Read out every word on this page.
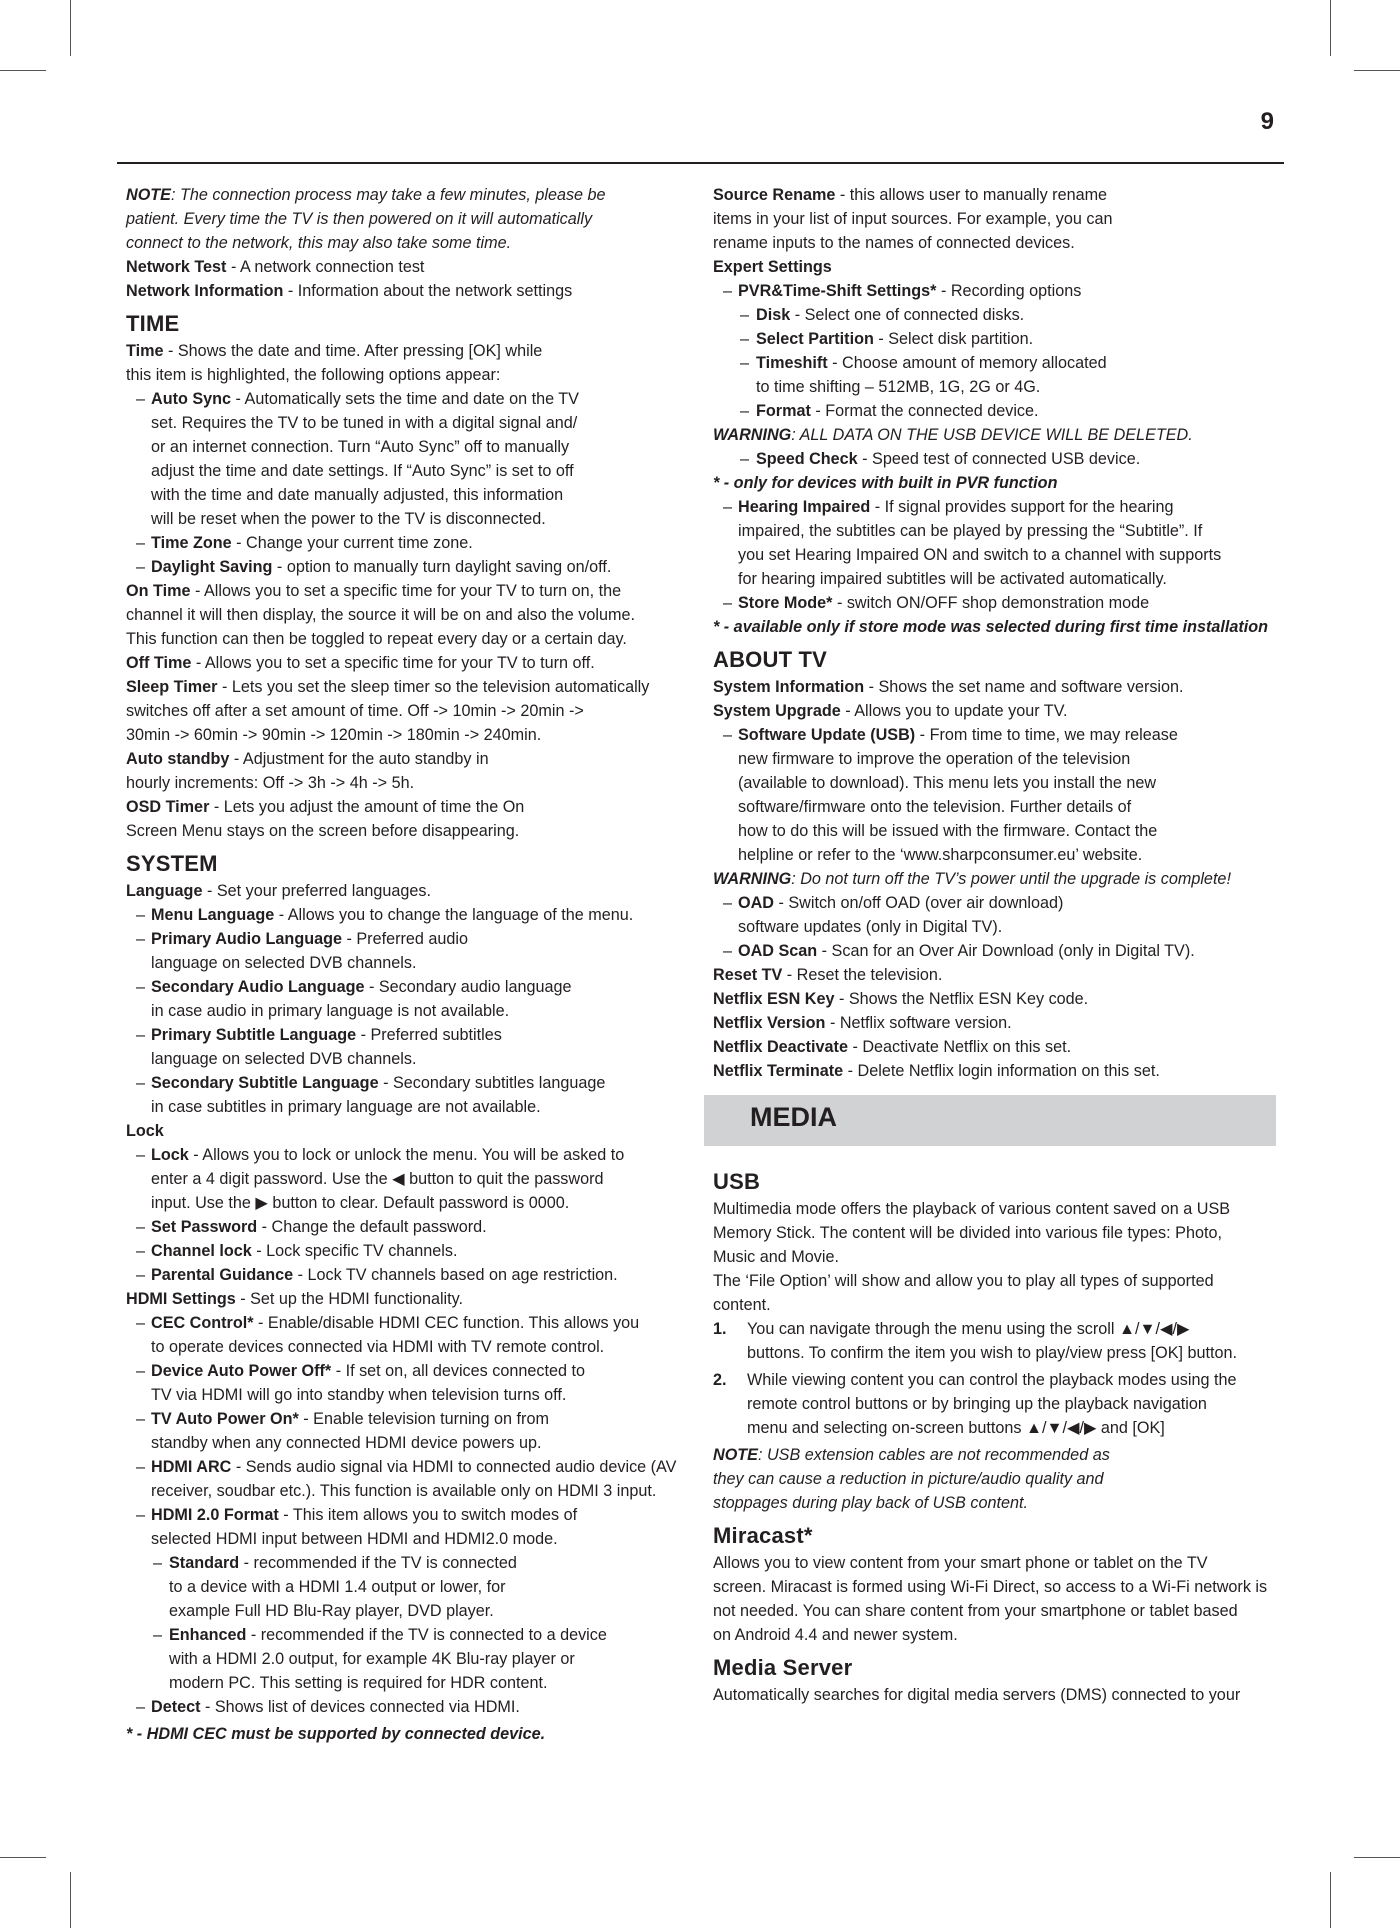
9

NOTE: The connection process may take a few minutes, please be
patient. Every time the TV is then powered on it will automatically
connect to the network, this may also take some time.

Network Test - A network connection test

Network Information - Information about the network settings

TIME

Time - Shows the date and time. After pressing [OK] while
this item is highlighted, the following options appear:

– Auto Sync - Automatically sets the time and date on the TV
set. Requires the TV to be tuned in with a digital signal and/
or an internet connection. Turn “Auto Sync” off to manually
adjust the time and date settings. If “Auto Sync” is set to off
with the time and date manually adjusted, this information
will be reset when the power to the TV is disconnected.
– Time Zone - Change your current time zone.
– Daylight Saving - option to manually turn daylight saving on/off.

On Time - Allows you to set a specific time for your TV to turn on, the
channel it will then display, the source it will be on and also the volume.
This function can then be toggled to repeat every day or a certain day.

Off Time - Allows you to set a specific time for your TV to turn off.

Sleep Timer - Lets you set the sleep timer so the television automatically
switches off after a set amount of time. Off -> 10min -> 20min ->
30min -> 60min -> 90min -> 120min -> 180min -> 240min.

Auto standby - Adjustment for the auto standby in
hourly increments: Off -> 3h -> 4h -> 5h.

OSD Timer - Lets you adjust the amount of time the On
Screen Menu stays on the screen before disappearing.

SYSTEM

Language - Set your preferred languages.

– Menu Language - Allows you to change the language of the menu.
– Primary Audio Language - Preferred audio
language on selected DVB channels.
– Secondary Audio Language - Secondary audio language
in case audio in primary language is not available.
– Primary Subtitle Language - Preferred subtitles
language on selected DVB channels.
– Secondary Subtitle Language - Secondary subtitles language
in case subtitles in primary language are not available.

Lock

– Lock - Allows you to lock or unlock the menu. You will be asked to
enter a 4 digit password. Use the ◀ button to quit the password
input. Use the ▶ button to clear. Default password is 0000.
– Set Password - Change the default password.
– Channel lock - Lock specific TV channels.
– Parental Guidance - Lock TV channels based on age restriction.

HDMI Settings - Set up the HDMI functionality.

– CEC Control* - Enable/disable HDMI CEC function. This allows you
to operate devices connected via HDMI with TV remote control.
– Device Auto Power Off* - If set on, all devices connected to
TV via HDMI will go into standby when television turns off.
– TV Auto Power On* - Enable television turning on from
standby when any connected HDMI device powers up.
– HDMI ARC - Sends audio signal via HDMI to connected audio device (AV
receiver, soudbar etc.). This function is available only on HDMI 3 input.
– HDMI 2.0 Format - This item allows you to switch modes of
selected HDMI input between HDMI and HDMI2.0 mode.
– Standard - recommended if the TV is connected
to a device with a HDMI 1.4 output or lower, for
example Full HD Blu-Ray player, DVD player.
– Enhanced - recommended if the TV is connected to a device
with a HDMI 2.0 output, for example 4K Blu-ray player or
modern PC. This setting is required for HDR content.
– Detect - Shows list of devices connected via HDMI.

* - HDMI CEC must be supported by connected device.

Source Rename - this allows user to manually rename
items in your list of input sources. For example, you can
rename inputs to the names of connected devices.

Expert Settings

– PVR&Time-Shift Settings* - Recording options
– Disk - Select one of connected disks.
– Select Partition - Select disk partition.
– Timeshift - Choose amount of memory allocated
to time shifting – 512MB, 1G, 2G or 4G.
– Format - Format the connected device.

WARNING: ALL DATA ON THE USB DEVICE WILL BE DELETED.

– Speed Check - Speed test of connected USB device.

* - only for devices with built in PVR function

– Hearing Impaired - If signal provides support for the hearing
impaired, the subtitles can be played by pressing the “Subtitle”. If
you set Hearing Impaired ON and switch to a channel with supports
for hearing impaired subtitles will be activated automatically.
– Store Mode* - switch ON/OFF shop demonstration mode

* - available only if store mode was selected during first time installation

ABOUT TV

System Information - Shows the set name and software version.

System Upgrade - Allows you to update your TV.

– Software Update (USB) - From time to time, we may release
new firmware to improve the operation of the television
(available to download). This menu lets you install the new
software/firmware onto the television. Further details of
how to do this will be issued with the firmware. Contact the
helpline or refer to the ‘www.sharpconsumer.eu’ website.

WARNING: Do not turn off the TV’s power until the upgrade is complete!

– OAD - Switch on/off OAD (over air download)
software updates (only in Digital TV).
– OAD Scan - Scan for an Over Air Download (only in Digital TV).

Reset TV - Reset the television.

Netflix ESN Key - Shows the Netflix ESN Key code.

Netflix Version - Netflix software version.

Netflix Deactivate - Deactivate Netflix on this set.

Netflix Terminate - Delete Netflix login information on this set.

MEDIA
USB

Multimedia mode offers the playback of various content saved on a USB
Memory Stick. The content will be divided into various file types: Photo,
Music and Movie.

The ‘File Option’ will show and allow you to play all types of supported
content.

1. You can navigate through the menu using the scroll ▲/▼/◀/▶
buttons. To confirm the item you wish to play/view press [OK] button.
2. While viewing content you can control the playback modes using the
remote control buttons or by bringing up the playback navigation
menu and selecting on-screen buttons ▲/▼/◀/▶ and [OK]

NOTE: USB extension cables are not recommended as
they can cause a reduction in picture/audio quality and
stoppages during play back of USB content.

Miracast*

Allows you to view content from your smart phone or tablet on the TV
screen. Miracast is formed using Wi-Fi Direct, so access to a Wi-Fi network is
not needed. You can share content from your smartphone or tablet based
on Android 4.4 and newer system.

Media Server

Automatically searches for digital media servers (DMS) connected to your
